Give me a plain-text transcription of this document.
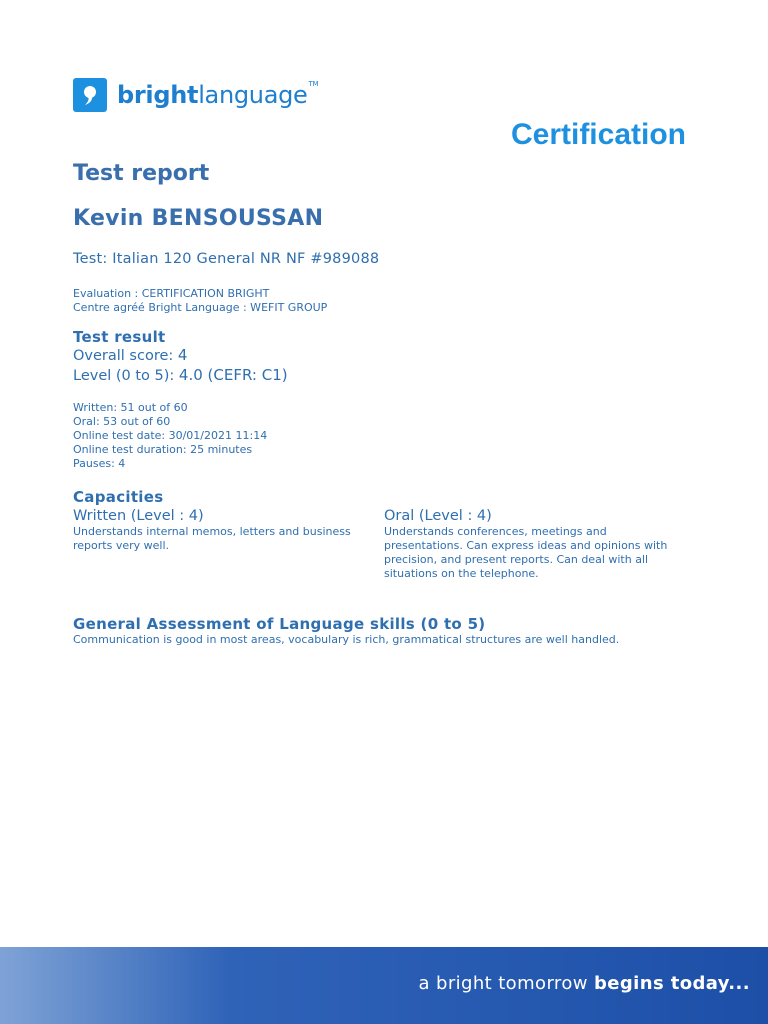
brightlanguage™
Certification
Test report
Kevin BENSOUSSAN
Test: Italian 120 General NR NF #989088
Evaluation : CERTIFICATION BRIGHT
Centre agréé Bright Language : WEFIT GROUP
Test result
Overall score: 4
Level (0 to 5): 4.0 (CEFR: C1)
Written: 51 out of 60
Oral: 53 out of 60
Online test date: 30/01/2021 11:14
Online test duration: 25 minutes
Pauses: 4
Capacities
Written (Level : 4)
Understands internal memos, letters and business reports very well.
Oral (Level : 4)
Understands conferences, meetings and presentations. Can express ideas and opinions with precision, and present reports. Can deal with all situations on the telephone.
General Assessment of Language skills (0 to 5)
Communication is good in most areas, vocabulary is rich, grammatical structures are well handled.
a bright tomorrow begins today...
